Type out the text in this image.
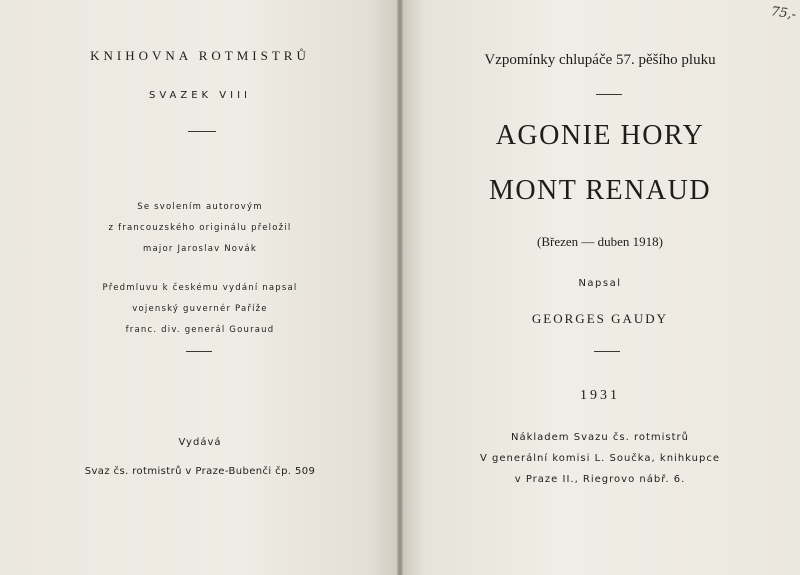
KNIHOVNA ROTMISTRŮ

SVAZEK VIII

Se svolením autorovým

z francouzského originálu přeložil

major Jaroslav Novák

Předmluvu k českému vydání napsal

vojenský guvernér Paříže

franc. div. generál Gouraud

Vydává

Svaz čs. rotmistrů v Praze-Bubenči čp. 509

75,-

Vzpomínky chlupáče 57. pěšího pluku

AGONIE HORY

MONT RENAUD

(Březen — duben 1918)

Napsal

GEORGES GAUDY

1931

Nákladem Svazu čs. rotmistrů

V generální komisi L. Součka, knihkupce

v Praze II., Riegrovo nábř. 6.
